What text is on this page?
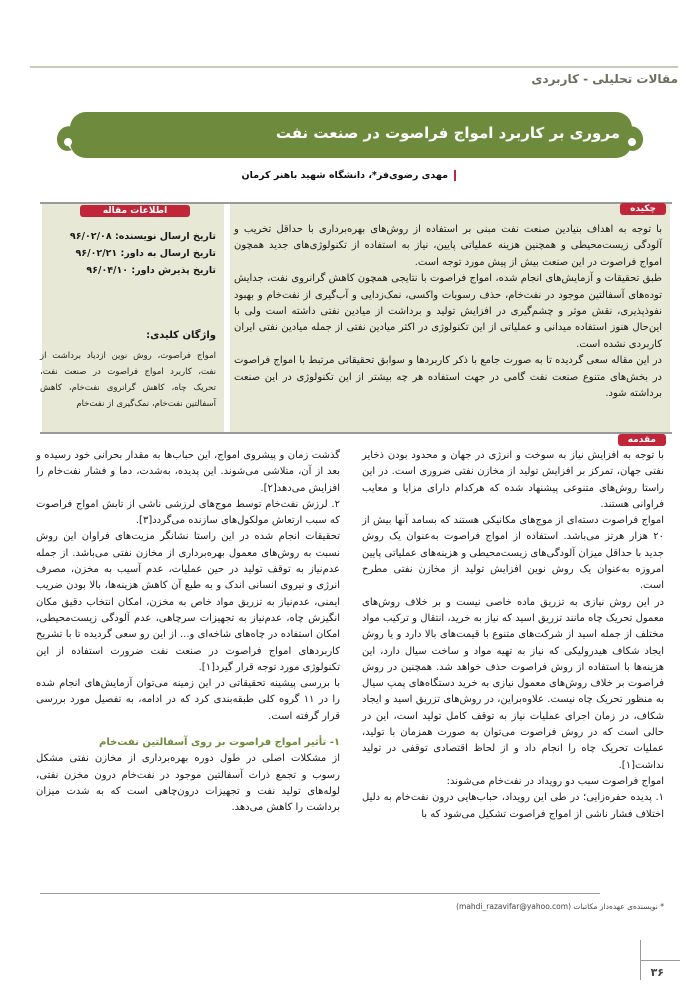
مقالات تحلیلی - کاربردی
مروری بر کاربرد امواج فراصوت در صنعت نفت
مهدی رضوی‌فر*، دانشگاه شهید باهنر کرمان
اطلاعات مقاله	چکیده
تاریخ ارسال نویسنده: ۹۶/۰۲/۰۸
تاریخ ارسال به داور: ۹۶/۰۲/۲۱
تاریخ پذیرش داور: ۹۶/۰۴/۱۰
واژگان کلیدی:
امواج فراصوت، روش نوین ازدیاد برداشت از نفت، کاربرد امواج فراصوت در صنعت نفت، تحریک چاه، کاهش گرانروی نفت‌خام، کاهش آسفالتین نفت‌خام، نمک‌گیری از نفت‌خام

با توجه به اهداف بنیادین صنعت نفت مبنی بر استفاده از روش‌های بهره‌برداری با حداقل تخریب و آلودگی زیست‌محیطی و همچنین هزینه عملیاتی پایین، نیاز به استفاده از تکنولوژی‌های جدید همچون امواج فراصوت در این صنعت بیش از پیش مورد توجه است.

طبق تحقیقات و آزمایش‌های انجام شده، امواج فراصوت با نتایجی همچون کاهش گرانروی نفت، جدایش توده‌های آسفالتین موجود در نفت‌خام، حذف رسوبات واکسی، نمک‌زدایی و آب‌گیری از نفت‌خام و بهبود نفوذپذیری، نقش موثر و چشم‌گیری در افزایش تولید و برداشت از میادین نفتی داشته است ولی با این‌حال هنوز استفاده میدانی و عملیاتی از این تکنولوژی در اکثر میادین نفتی از جمله میادین نفتی ایران کاربردی نشده است.

در این مقاله سعی گردیده تا به صورت جامع با ذکر کاربردها و سوابق تحقیقاتی مرتبط با امواج فراصوت در بخش‌های متنوع صنعت نفت گامی در جهت استفاده هر چه بیشتر از این تکنولوژی در این صنعت برداشته شود.

مقدمه

با توجه به افزایش نیاز به سوخت و انرژی در جهان و محدود بودن ذخایر نفتی جهان، تمرکز بر افزایش تولید از مخازن نفتی ضروری است. در این راستا روش‌های متنوعی پیشنهاد شده که هرکدام دارای مزایا و معایب فراوانی هستند.

امواج فراصوت دسته‌ای از موج‌های مکانیکی هستند که بسامد آنها بیش از ۲۰ هزار هرتز می‌باشد. استفاده از امواج فراصوت به‌عنوان یک روش جدید با حداقل میزان آلودگی‌های زیست‌محیطی و هزینه‌های عملیاتی پایین امروزه به‌عنوان یک روش نوین افزایش تولید از مخازن نفتی مطرح است.

در این روش نیازی به تزریق ماده خاصی نیست و بر خلاف روش‌های معمول تحریک چاه مانند تزریق اسید که نیاز به خرید، انتقال و ترکیب مواد مختلف از جمله اسید از شرکت‌های متنوع با قیمت‌های بالا دارد و یا روش ایجاد شکاف هیدرولیکی که نیاز به تهیه مواد و ساخت سیال دارد، این هزینه‌ها با استفاده از روش فراصوت حذف خواهد شد. همچنین در روش فراصوت بر خلاف روش‌های معمول نیازی به خرید دستگاه‌های پمپ سیال به منظور تحریک چاه نیست. علاوه‌براین، در روش‌های تزریق اسید و ایجاد شکاف، در زمان اجرای عملیات نیاز به توقف کامل تولید است، این در حالی است که در روش فراصوت می‌توان به صورت همزمان با تولید، عملیات تحریک چاه را انجام داد و از لحاظ اقتصادی توقفی در تولید نداشت[۱].

امواج فراصوت سبب دو رویداد در نفت‌خام می‌شوند:

۱. پدیده حفره‌زایی؛ در طی این رویداد، حباب‌هایی درون نفت‌خام به دلیل اختلاف فشار ناشی از امواج فراصوت تشکیل می‌شود که با

گذشت زمان و پیشروی امواج، این حباب‌ها به مقدار بحرانی خود رسیده و بعد از آن، متلاشی می‌شوند. این پدیده، به‌شدت، دما و فشار نفت‌خام را افزایش می‌دهد[۲].

۲. لرزش نفت‌خام توسط موج‌های لرزشی ناشی از تابش امواج فراصوت که سبب ارتعاش مولکول‌های سازنده می‌گردد[۳].

تحقیقات انجام شده در این راستا نشانگر مزیت‌های فراوان این روش نسبت به روش‌های معمول بهره‌برداری از مخازن نفتی می‌باشد. از جمله عدم‌نیاز به توقف تولید در حین عملیات، عدم آسیب به مخزن، مصرف انرژی و نیروی انسانی اندک و به طبع آن کاهش هزینه‌ها، بالا بودن ضریب ایمنی، عدم‌نیاز به تزریق مواد خاص به مخزن، امکان انتخاب دقیق مکان انگیزش چاه، عدم‌نیاز به تجهیزات سرچاهی، عدم آلودگی زیست‌محیطی، امکان استفاده در چاه‌های شاخه‌ای و... از این رو سعی گردیده تا با تشریح کاربردهای امواج فراصوت در صنعت نفت ضرورت استفاده از این تکنولوژی مورد توجه قرار گیرد[۱].

با بررسی پیشینه تحقیقاتی در این زمینه می‌توان آزمایش‌های انجام شده را در ۱۱ گروه کلی طبقه‌بندی کرد که در ادامه، به تفصیل مورد بررسی قرار گرفته است.

۱- تأثیر امواج فراصوت بر روی آسفالتین نفت‌خام

از مشکلات اصلی در طول دوره بهره‌برداری از مخازن نفتی مشکل رسوب و تجمع ذرات آسفالتین موجود در نفت‌خام درون مخزن نفتی، لوله‌های تولید نفت و تجهیزات درون‌چاهی است که به شدت میزان برداشت را کاهش می‌دهد.

* نویسنده‌ی عهده‌دار مکاتبات (mahdi_razavifar@yahoo.com)
۳۶
